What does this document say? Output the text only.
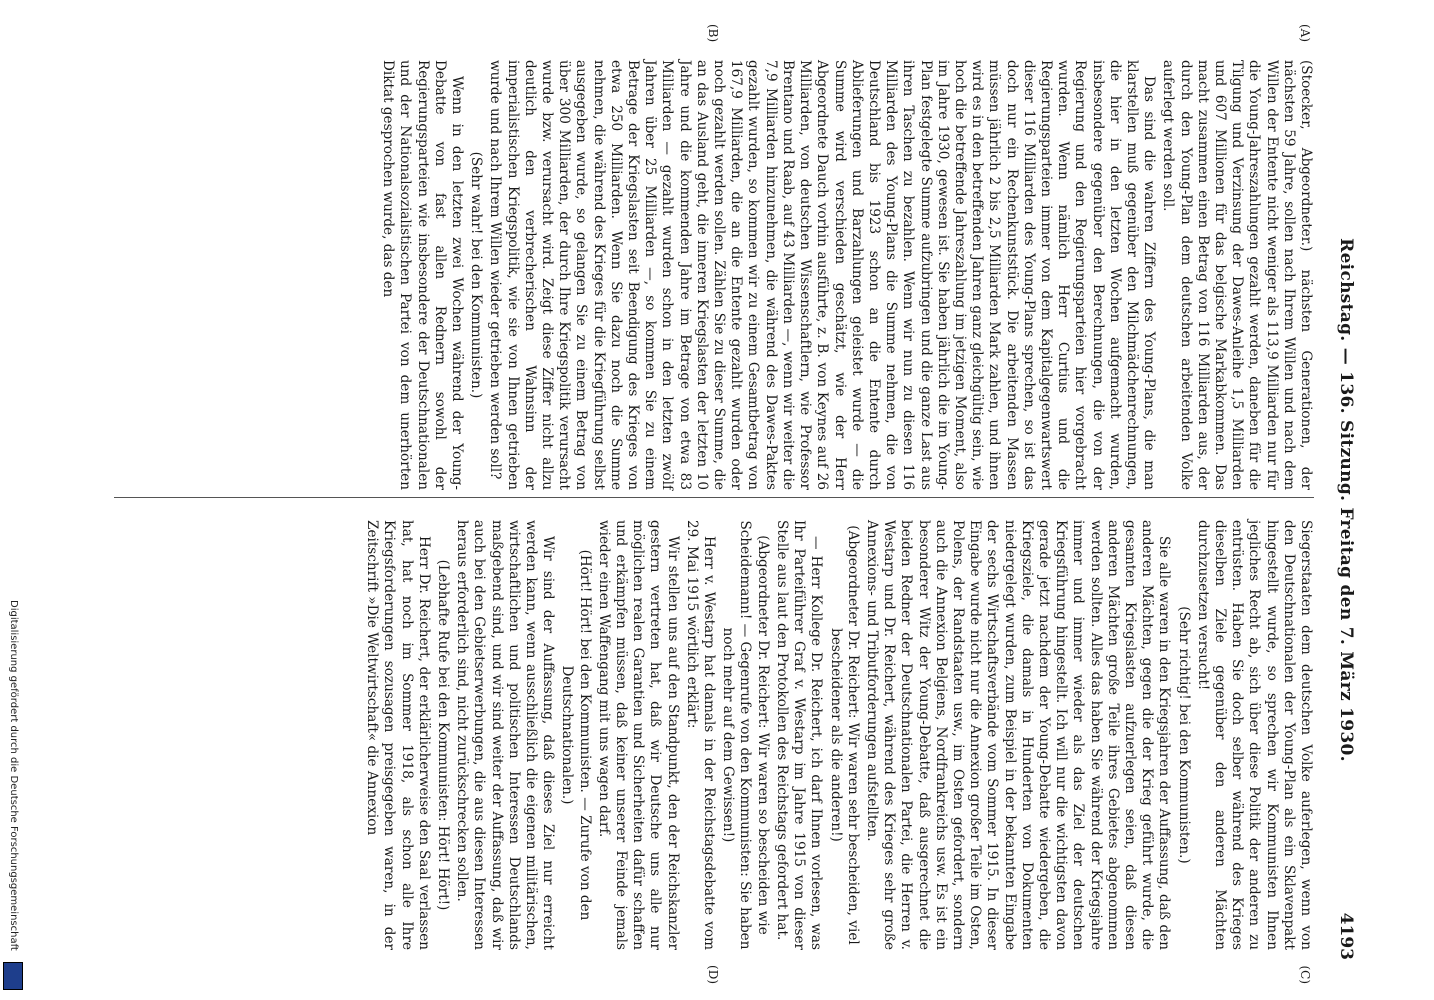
Reichstag. — 136. Sitzung. Freitag den 7. März 1930.
4193
(A)
(B)
(C)
(D)

(Stoecker, Abgeordneter.) nächsten Generationen, der nächsten 59 Jahre, sollen nach Ihrem Willen und nach dem Willen der Entente nicht weniger als 113,9 Milliarden nur für die Young-Jahreszahlungen gezahlt werden, daneben für die Tilgung und Verzinsung der Dawes-Anleihe 1,5 Milliarden und 607 Millionen für das belgische Markabkommen. Das macht zusammen einen Betrag von 116 Milliarden aus, der durch den Young-Plan dem deutschen arbeitenden Volke auferlegt werden soll.

Das sind die wahren Ziffern des Young-Plans, die man klarstellen muß gegenüber den Milchmädchenrechnungen, die hier in den letzten Wochen aufgemacht wurden, insbesondere gegenüber den Berechnungen, die von der Regierung und den Regierungsparteien hier vorgebracht wurden. Wenn nämlich Herr Curtius und die Regierungsparteien immer von dem Kapitalgegenwartswert dieser 116 Milliarden des Young-Plans sprechen, so ist das doch nur ein Rechenkunststück. Die arbeitenden Massen müssen jährlich 2 bis 2,5 Milliarden Mark zahlen, und ihnen wird es in den betreffenden Jahren ganz gleichgültig sein, wie hoch die betreffende Jahreszahlung im jetzigen Moment, also im Jahre 1930, gewesen ist. Sie haben jährlich die im Young-Plan festgelegte Summe aufzubringen und die ganze Last aus ihren Taschen zu bezahlen. Wenn wir nun zu diesen 116 Milliarden des Young-Plans die Summe nehmen, die von Deutschland bis 1923 schon an die Entente durch Ablieferungen und Barzahlungen geleistet wurde — die Summe wird verschieden geschätzt, wie der Herr Abgeordnete Dauch vorhin ausführte, z. B. von Keynes auf 26 Milliarden, von deutschen Wissenschaftlern, wie Professor Brentano und Raab, auf 43 Milliarden —, wenn wir weiter die 7,9 Milliarden hinzunehmen, die während des Dawes-Paktes gezahlt wurden, so kommen wir zu einem Gesamtbetrag von 167,9 Milliarden, die an die Entente gezahlt wurden oder noch gezahlt werden sollen. Zählen Sie zu dieser Summe, die an das Ausland geht, die inneren Kriegslasten der letzten 10 Jahre und die kommenden Jahre im Betrage von etwa 83 Milliarden — gezahlt wurden schon in den letzten zwölf Jahren über 25 Milliarden —, so kommen Sie zu einem Betrage der Kriegslasten seit Beendigung des Krieges von etwa 250 Milliarden. Wenn Sie dazu noch die Summe nehmen, die während des Krieges für die Kriegführung selbst ausgegeben wurde, so gelangen Sie zu einem Betrag von über 300 Milliarden, der durch Ihre Kriegspolitik verursacht wurde bzw. verursacht wird. Zeigt diese Ziffer nicht allzu deutlich den verbrecherischen Wahnsinn der imperialistischen Kriegspolitik, wie sie von Ihnen getrieben wurde und nach Ihrem Willen wieder getrieben werden soll?

(Sehr wahr! bei den Kommunisten.)

Wenn in den letzten zwei Wochen während der Young-Debatte von fast allen Rednern sowohl der Regierungsparteien wie insbesondere der Deutschnationalen und der Nationalsozialistischen Partei von dem unerhörten Diktat gesprochen wurde, das den

Siegerstaaten dem deutschen Volke auferlegen, wenn von den Deutschnationalen der Young-Plan als ein Sklavenpakt hingestellt wurde, so sprechen wir Kommunisten Ihnen jegliches Recht ab, sich über diese Politik der anderen zu entrüsten. Haben Sie doch selber während des Krieges dieselben Ziele gegenüber den anderen Mächten durchzusetzen versucht!

(Sehr richtig! bei den Kommunisten.)

Sie alle waren in den Kriegsjahren der Auffassung, daß den anderen Mächten, gegen die der Krieg geführt wurde, die gesamten Kriegslasten aufzuerlegen seien, daß diesen anderen Mächten große Teile ihres Gebietes abgenommen werden sollten. Alles das haben Sie während der Kriegsjahre immer und immer wieder als das Ziel der deutschen Kriegsführung hingestellt. Ich will nur die wichtigsten davon gerade jetzt nachdem der Young-Debatte wiedergeben, die Kriegsziele, die damals in Hunderten von Dokumenten niedergelegt wurden, zum Beispiel in der bekannten Eingabe der sechs Wirtschaftsverbände vom Sommer 1915. In dieser Eingabe wurde nicht nur die Annexion großer Teile im Osten, Polens, der Randstaaten usw., im Osten gefordert, sondern auch die Annexion Belgiens, Nordfrankreichs usw. Es ist ein besonderer Witz der Young-Debatte, daß ausgerechnet die beiden Redner der Deutschnationalen Partei, die Herren v. Westarp und Dr. Reichert, während des Krieges sehr große Annexions- und Tributforderungen aufstellten.

(Abgeordneter Dr. Reichert: Wir waren sehr bescheiden, viel bescheidener als die anderen!)

— Herr Kollege Dr. Reichert, ich darf Ihnen vorlesen, was Ihr Parteiführer Graf v. Westarp im Jahre 1915 von dieser Stelle aus laut den Protokollen des Reichstags gefordert hat.

(Abgeordneter Dr. Reichert: Wir waren so bescheiden wie Scheidemann! — Gegenrufe von den Kommunisten: Sie haben noch mehr auf dem Gewissen!)

Herr v. Westarp hat damals in der Reichstagsdebatte vom 29. Mai 1915 wörtlich erklärt:

Wir stellen uns auf den Standpunkt, den der Reichskanzler gestern vertreten hat, daß wir Deutsche uns alle nur möglichen realen Garantien und Sicherheiten dafür schaffen und erkämpfen müssen, daß keiner unserer Feinde jemals wieder einen Waffengang mit uns wagen darf.

(Hört! Hört! bei den Kommunisten. — Zurufe von den Deutschnationalen.)

Wir sind der Auffassung, daß dieses Ziel nur erreicht werden kann, wenn ausschließlich die eigenen militärischen, wirtschaftlichen und politischen Interessen Deutschlands maßgebend sind, und wir sind weiter der Auffassung, daß wir auch bei den Gebietserwerbungen, die aus diesen Interessen heraus erforderlich sind, nicht zurückschrecken sollen.

(Lebhafte Rufe bei den Kommunisten: Hört! Hört!)

Herr Dr. Reichert, der erklärlicherweise den Saal verlassen hat, hat noch im Sommer 1918, als schon alle Ihre Kriegsforderungen sozusagen preisgegeben waren, in der Zeitschrift »Die Weltwirtschaft« die Annexion

Digitalisierung gefördert durch die Deutsche Forschungsgemeinschaft
